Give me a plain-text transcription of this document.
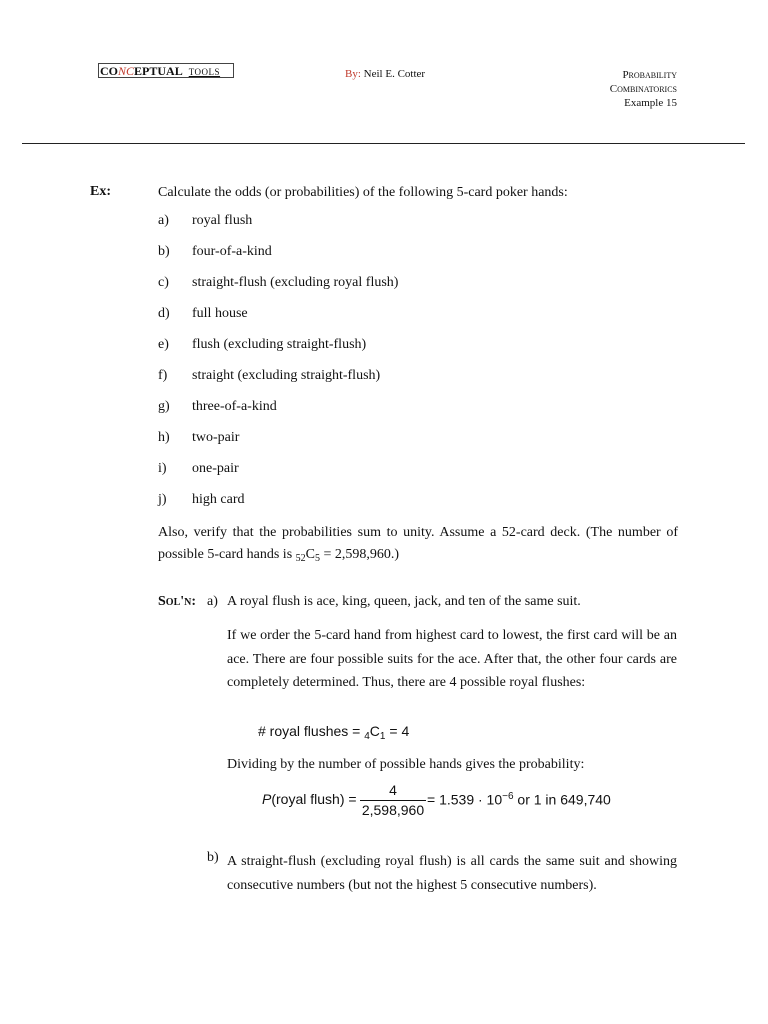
CONCEPTUAL TOOLS	By: Neil E. Cotter	Probability
Combinatorics
Example 15
Ex:	Calculate the odds (or probabilities) of the following 5-card poker hands:
a) royal flush
b) four-of-a-kind
c) straight-flush (excluding royal flush)
d) full house
e) flush (excluding straight-flush)
f) straight (excluding straight-flush)
g) three-of-a-kind
h) two-pair
i) one-pair
j) high card
Also, verify that the probabilities sum to unity. Assume a 52-card deck. (The number of possible 5-card hands is $_{52}C_5 = 2,598,960$.)
Sol'n: a) A royal flush is ace, king, queen, jack, and ten of the same suit.
If we order the 5-card hand from highest card to lowest, the first card will be an ace. There are four possible suits for the ace. After that, the other four cards are completely determined. Thus, there are 4 possible royal flushes:
# royal flushes = $_4C_1 = 4$
Dividing by the number of possible hands gives the probability:
P(royal flush) = $\frac{4}{2,598,960} = 1.539 \cdot 10^{-6}$ or 1 in 649,740
b) A straight-flush (excluding royal flush) is all cards the same suit and showing consecutive numbers (but not the highest 5 consecutive numbers).
